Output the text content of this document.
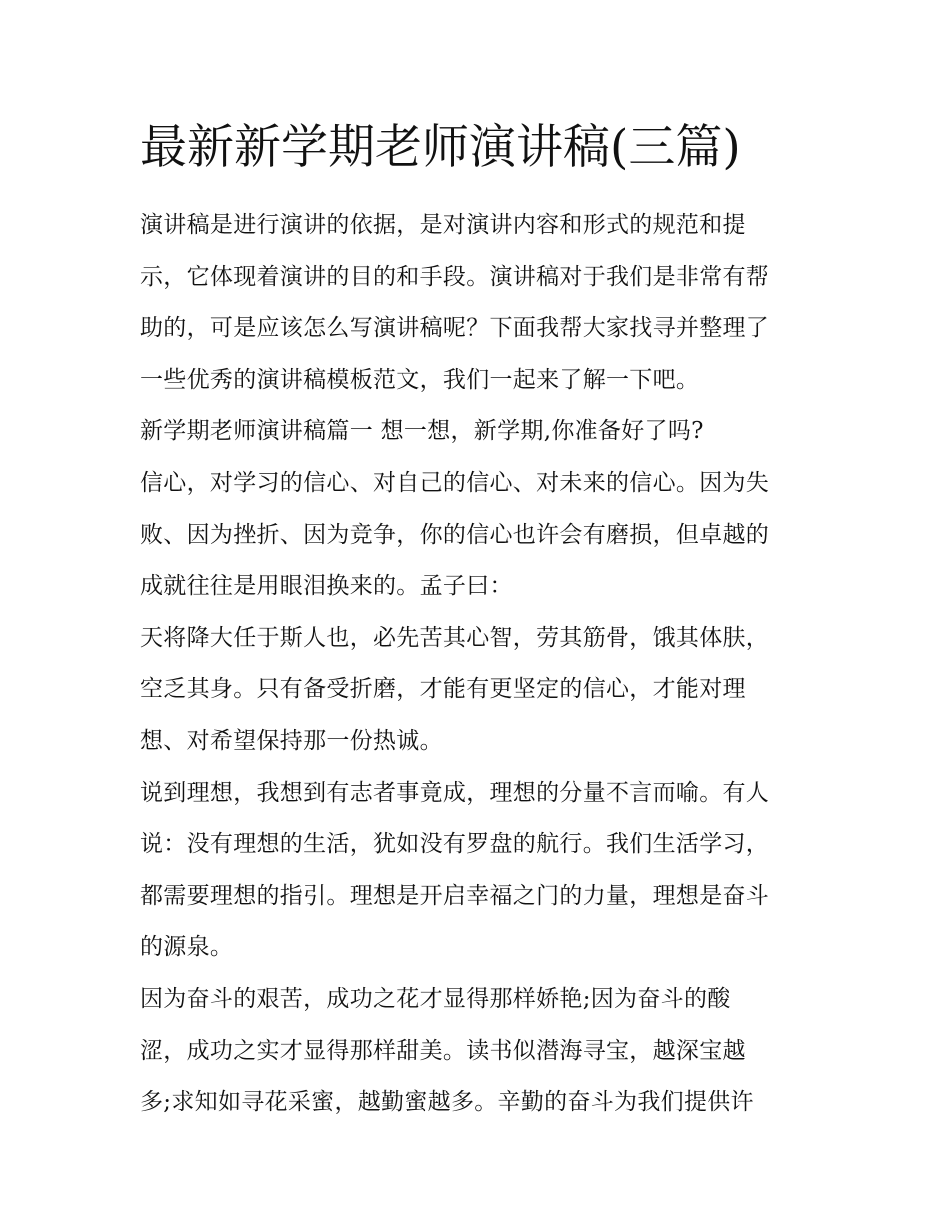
最新新学期老师演讲稿(三篇)
演讲稿是进行演讲的依据，是对演讲内容和形式的规范和提
示，它体现着演讲的目的和手段。演讲稿对于我们是非常有帮
助的，可是应该怎么写演讲稿呢？下面我帮大家找寻并整理了
一些优秀的演讲稿模板范文，我们一起来了解一下吧。
新学期老师演讲稿篇一 想一想，新学期,你准备好了吗?
信心，对学习的信心、对自己的信心、对未来的信心。因为失
败、因为挫折、因为竞争，你的信心也许会有磨损，但卓越的
成就往往是用眼泪换来的。孟子曰：
天将降大任于斯人也，必先苦其心智，劳其筋骨，饿其体肤，
空乏其身。只有备受折磨，才能有更坚定的信心，才能对理
想、对希望保持那一份热诚。
说到理想，我想到有志者事竟成，理想的分量不言而喻。有人
说：没有理想的生活，犹如没有罗盘的航行。我们生活学习，
都需要理想的指引。理想是开启幸福之门的力量，理想是奋斗
的源泉。
因为奋斗的艰苦，成功之花才显得那样娇艳;因为奋斗的酸
涩，成功之实才显得那样甜美。读书似潜海寻宝，越深宝越
多;求知如寻花采蜜，越勤蜜越多。辛勤的奋斗为我们提供许
